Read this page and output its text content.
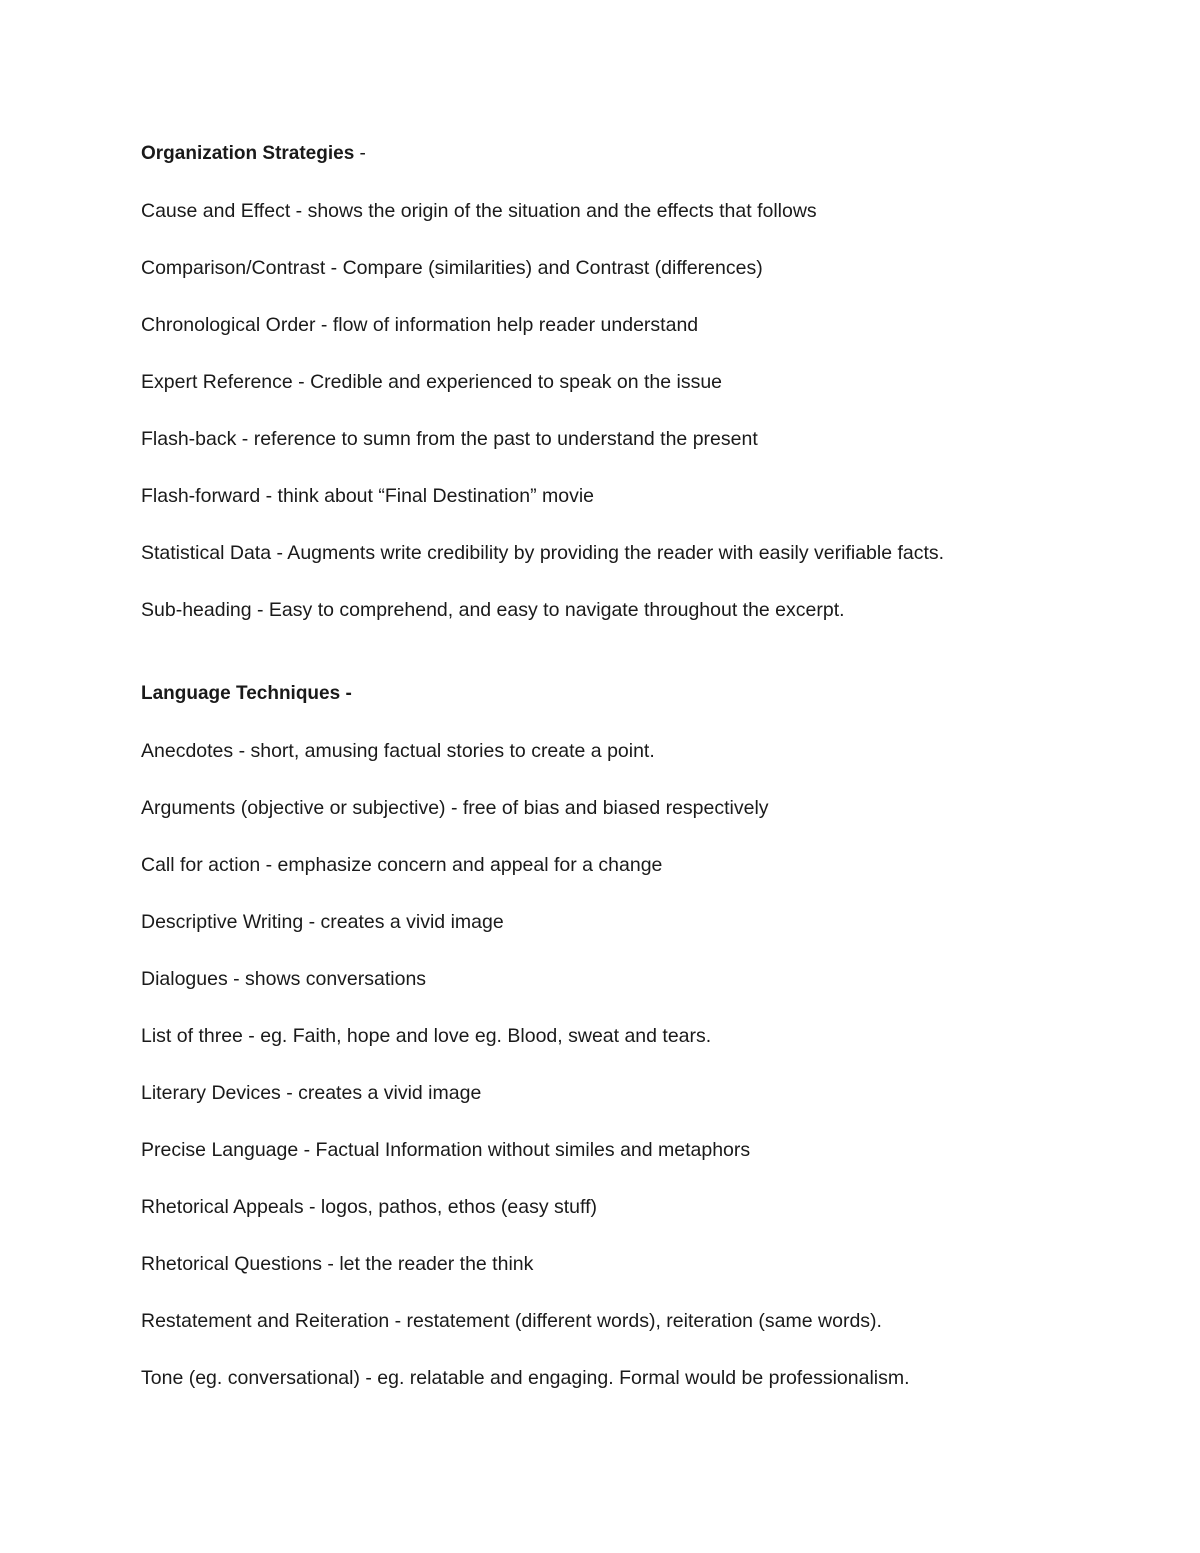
Organization Strategies -
Cause and Effect - shows the origin of the situation and the effects that follows
Comparison/Contrast - Compare (similarities) and Contrast (differences)
Chronological Order - flow of information help reader understand
Expert Reference - Credible and experienced to speak on the issue
Flash-back - reference to sumn from the past to understand the present
Flash-forward - think about “Final Destination” movie
Statistical Data - Augments write credibility by providing the reader with easily verifiable facts.
Sub-heading - Easy to comprehend, and easy to navigate throughout the excerpt.
Language Techniques -
Anecdotes - short, amusing factual stories to create a point.
Arguments (objective or subjective) - free of bias and biased respectively
Call for action - emphasize concern and appeal for a change
Descriptive Writing - creates a vivid image
Dialogues - shows conversations
List of three - eg. Faith, hope and love eg. Blood, sweat and tears.
Literary Devices - creates a vivid image
Precise Language - Factual Information without similes and metaphors
Rhetorical Appeals - logos, pathos, ethos (easy stuff)
Rhetorical Questions - let the reader the think
Restatement and Reiteration - restatement (different words), reiteration (same words).
Tone (eg. conversational) - eg. relatable and engaging. Formal would be professionalism.
